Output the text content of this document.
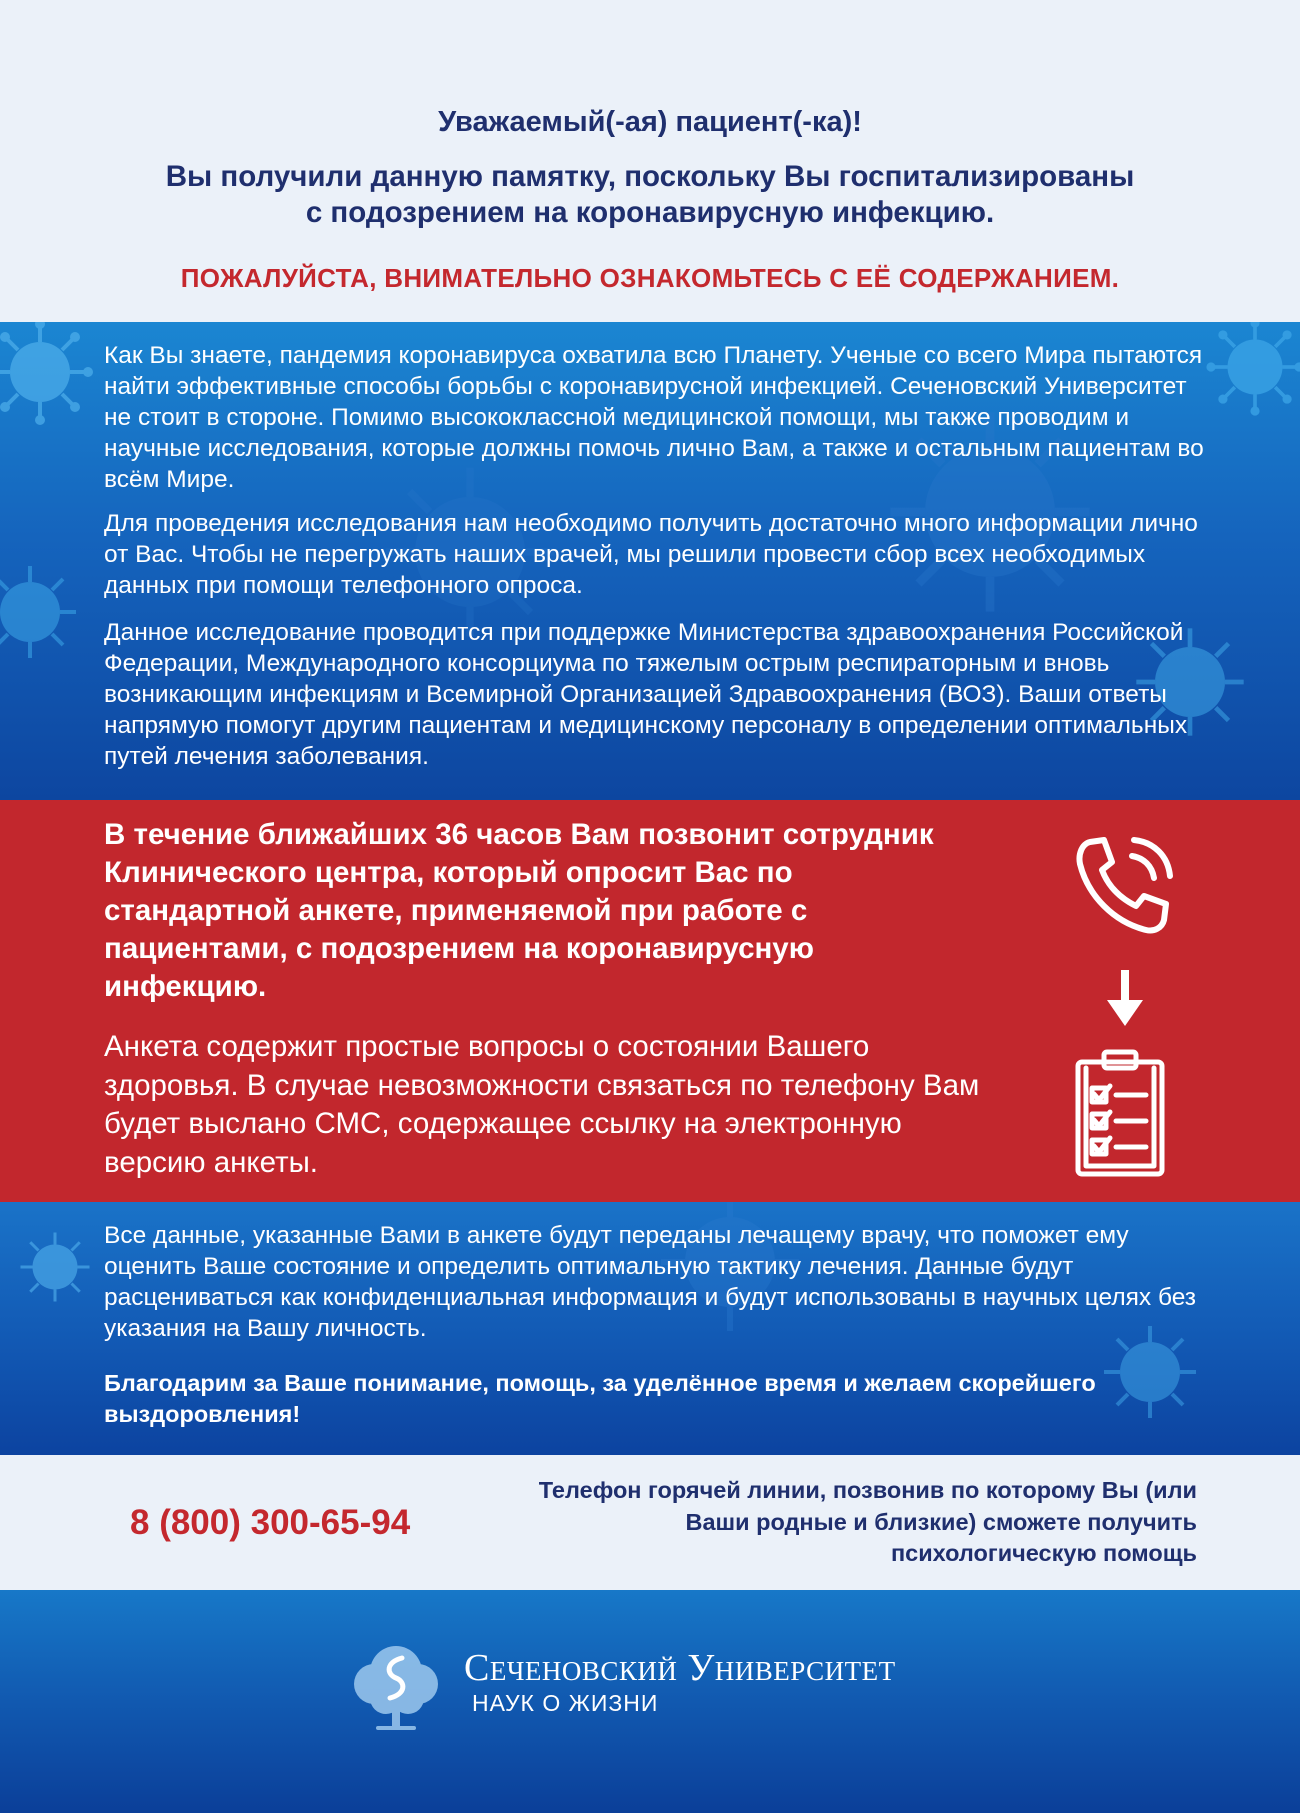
Уважаемый(-ая) пациент(-ка)!
Вы получили данную памятку, поскольку Вы госпитализированы
с подозрением на коронавирусную инфекцию.
ПОЖАЛУЙСТА, ВНИМАТЕЛЬНО ОЗНАКОМЬТЕСЬ С ЕЁ СОДЕРЖАНИЕМ.
Как Вы знаете, пандемия коронавируса охватила всю Планету. Ученые со всего Мира пытаются найти эффективные способы борьбы с коронавирусной инфекцией. Сеченовский Университет не стоит в стороне. Помимо высококлассной медицинской помощи, мы также проводим и научные исследования, которые должны помочь лично Вам, а также и остальным пациентам во всём Мире.
Для проведения исследования нам необходимо получить достаточно много информации лично от Вас. Чтобы не перегружать наших врачей, мы решили провести сбор всех необходимых данных при помощи телефонного опроса.
Данное исследование проводится при поддержке Министерства здравоохранения Российской Федерации, Международного консорциума по тяжелым острым респираторным и вновь возникающим инфекциям и Всемирной Организацией Здравоохранения (ВОЗ). Ваши ответы напрямую помогут другим пациентам и медицинскому персоналу в определении оптимальных путей лечения заболевания.
В течение ближайших 36 часов Вам позвонит сотрудник Клинического центра, который опросит Вас по стандартной анкете, применяемой при работе с пациентами, с подозрением на коронавирусную инфекцию.
Анкета содержит простые вопросы о состоянии Вашего здоровья. В случае невозможности связаться по телефону Вам будет выслано СМС, содержащее ссылку на электронную версию анкеты.
Все данные, указанные Вами в анкете будут переданы лечащему врачу, что поможет ему оценить Ваше состояние и определить оптимальную тактику лечения. Данные будут расцениваться как конфиденциальная информация и будут использованы в научных целях без указания на Вашу личность.
Благодарим за Ваше понимание, помощь, за уделённое время и желаем скорейшего выздоровления!
8 (800) 300-65-94
Телефон горячей линии, позвонив по которому Вы (или Ваши родные и близкие) сможете получить психологическую помощь
Сеченовский Университет
НАУК О ЖИЗНИ
